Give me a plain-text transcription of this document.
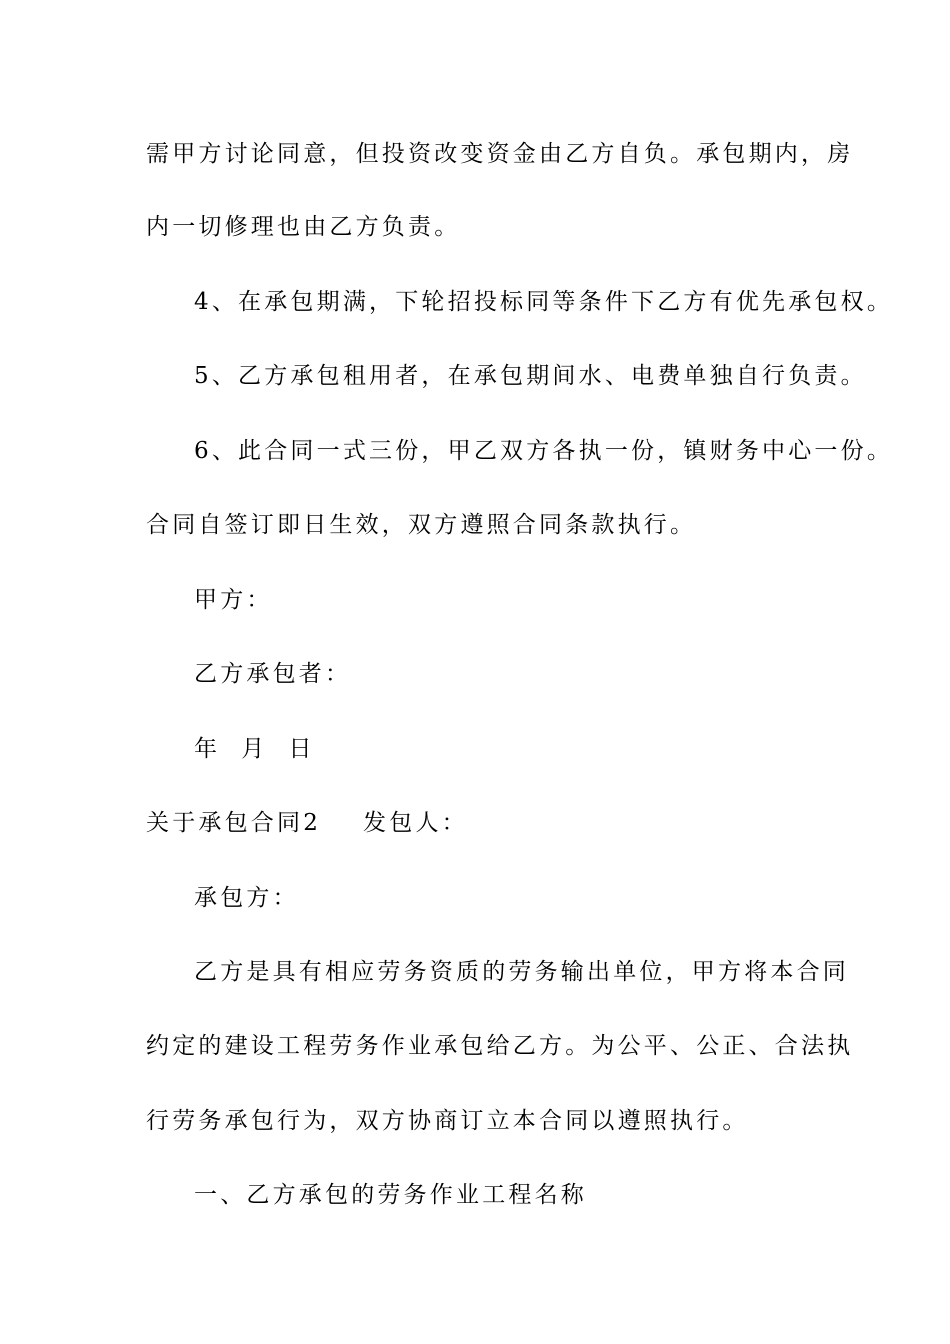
需甲方讨论同意，但投资改变资金由乙方自负。承包期内，房
内一切修理也由乙方负责。
4、在承包期满，下轮招投标同等条件下乙方有优先承包权。
5、乙方承包租用者，在承包期间水、电费单独自行负责。
6、此合同一式三份，甲乙双方各执一份，镇财务中心一份。
合同自签订即日生效，双方遵照合同条款执行。
甲方：
乙方承包者：
年  月  日
关于承包合同2 发包人：
承包方：
乙方是具有相应劳务资质的劳务输出单位，甲方将本合同
约定的建设工程劳务作业承包给乙方。为公平、公正、合法执
行劳务承包行为，双方协商订立本合同以遵照执行。
一、乙方承包的劳务作业工程名称
